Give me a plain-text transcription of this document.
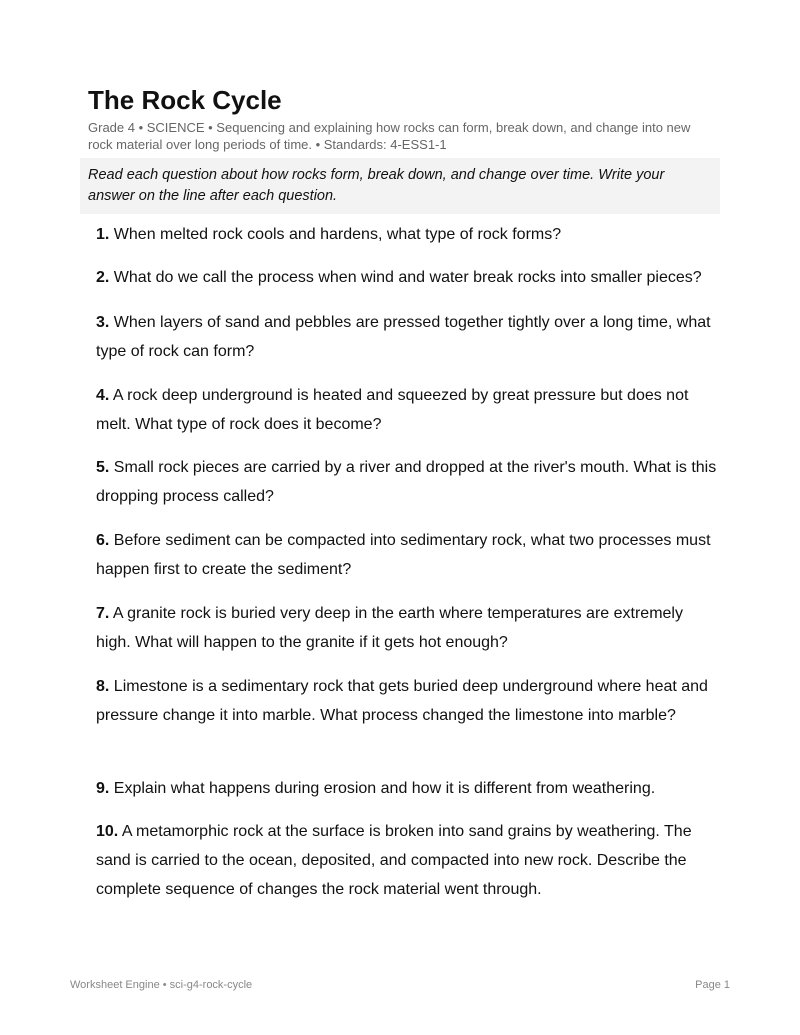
The Rock Cycle
Grade 4 • SCIENCE • Sequencing and explaining how rocks can form, break down, and change into new rock material over long periods of time. • Standards: 4-ESS1-1
Read each question about how rocks form, break down, and change over time. Write your answer on the line after each question.
1. When melted rock cools and hardens, what type of rock forms?
2. What do we call the process when wind and water break rocks into smaller pieces?
3. When layers of sand and pebbles are pressed together tightly over a long time, what type of rock can form?
4. A rock deep underground is heated and squeezed by great pressure but does not melt. What type of rock does it become?
5. Small rock pieces are carried by a river and dropped at the river's mouth. What is this dropping process called?
6. Before sediment can be compacted into sedimentary rock, what two processes must happen first to create the sediment?
7. A granite rock is buried very deep in the earth where temperatures are extremely high. What will happen to the granite if it gets hot enough?
8. Limestone is a sedimentary rock that gets buried deep underground where heat and pressure change it into marble. What process changed the limestone into marble?
9. Explain what happens during erosion and how it is different from weathering.
10. A metamorphic rock at the surface is broken into sand grains by weathering. The sand is carried to the ocean, deposited, and compacted into new rock. Describe the complete sequence of changes the rock material went through.
Worksheet Engine • sci-g4-rock-cycle	Page 1
